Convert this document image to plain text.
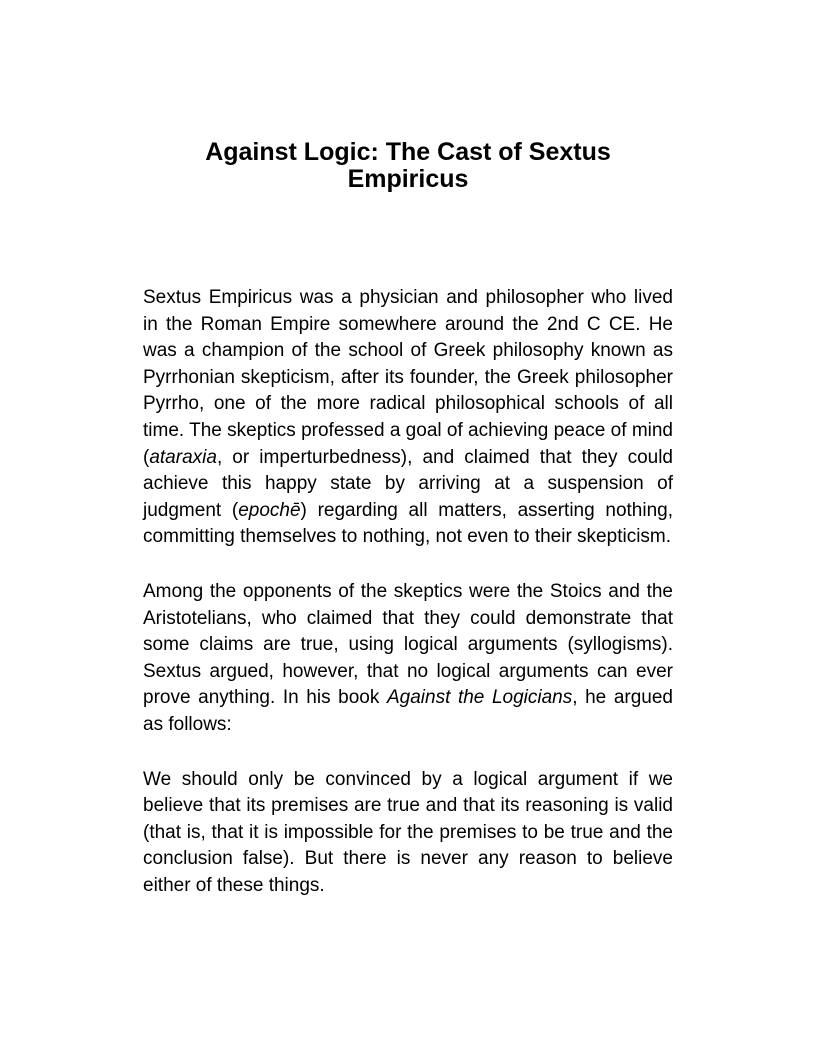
Against Logic: The Cast of Sextus
Empiricus

Sextus Empiricus was a physician and philosopher who lived in the Roman Empire somewhere around the 2nd C CE. He was a champion of the school of Greek philosophy known as Pyrrhonian skepticism, after its founder, the Greek philosopher Pyrrho, one of the more radical philosophical schools of all time. The skeptics professed a goal of achieving peace of mind (ataraxia, or imperturbedness), and claimed that they could achieve this happy state by arriving at a suspension of judgment (epochē) regarding all matters, asserting nothing, committing themselves to nothing, not even to their skepticism.

Among the opponents of the skeptics were the Stoics and the Aristotelians, who claimed that they could demonstrate that some claims are true, using logical arguments (syllogisms). Sextus argued, however, that no logical arguments can ever prove anything. In his book Against the Logicians, he argued as follows:

We should only be convinced by a logical argument if we believe that its premises are true and that its reasoning is valid (that is, that it is impossible for the premises to be true and the conclusion false). But there is never any reason to believe either of these things.
